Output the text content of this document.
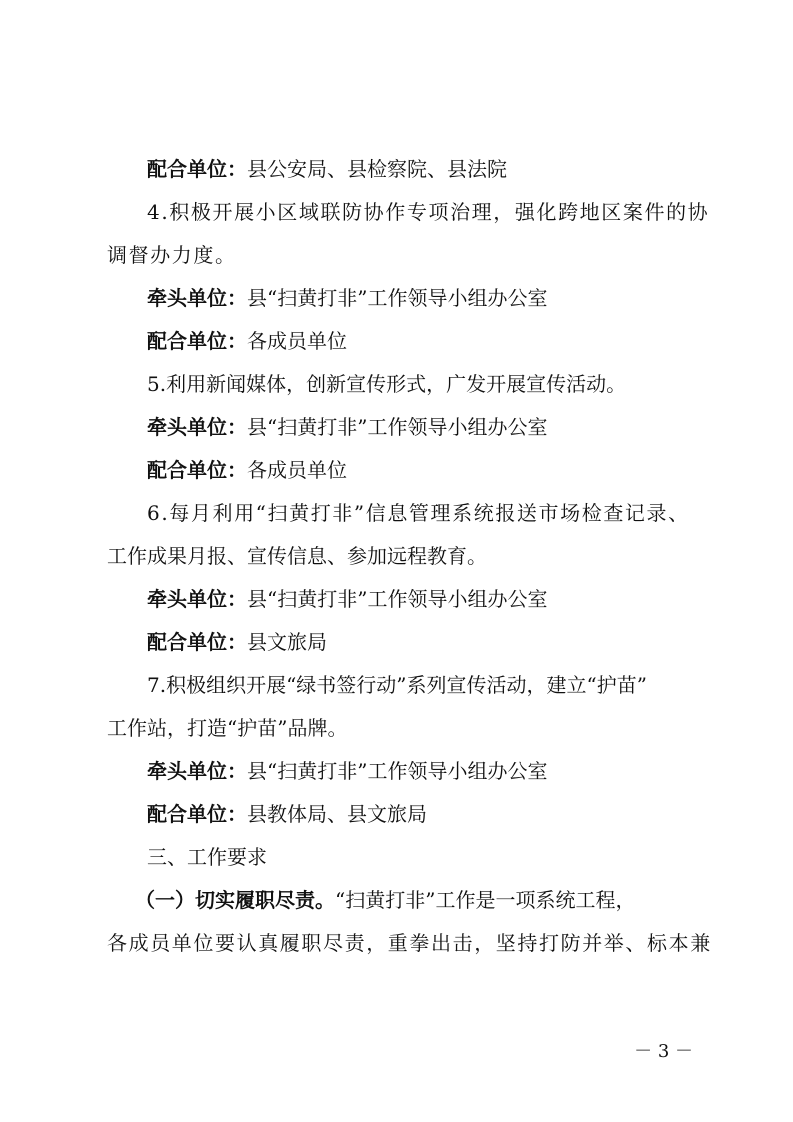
配合单位：县公安局、县检察院、县法院
4.积极开展小区域联防协作专项治理，强化跨地区案件的协
调督办力度。
牵头单位：县“扫黄打非”工作领导小组办公室
配合单位：各成员单位
5.利用新闻媒体，创新宣传形式，广发开展宣传活动。
牵头单位：县“扫黄打非”工作领导小组办公室
配合单位：各成员单位
6.每月利用“扫黄打非”信息管理系统报送市场检查记录、
工作成果月报、宣传信息、参加远程教育。
牵头单位：县“扫黄打非”工作领导小组办公室
配合单位：县文旅局
7.积极组织开展“绿书签行动”系列宣传活动，建立“护苗”
工作站，打造“护苗”品牌。
牵头单位：县“扫黄打非”工作领导小组办公室
配合单位：县教体局、县文旅局
三、工作要求
（一）切实履职尽责。“扫黄打非”工作是一项系统工程，
各成员单位要认真履职尽责，重拳出击，坚持打防并举、标本兼
－ 3 －
